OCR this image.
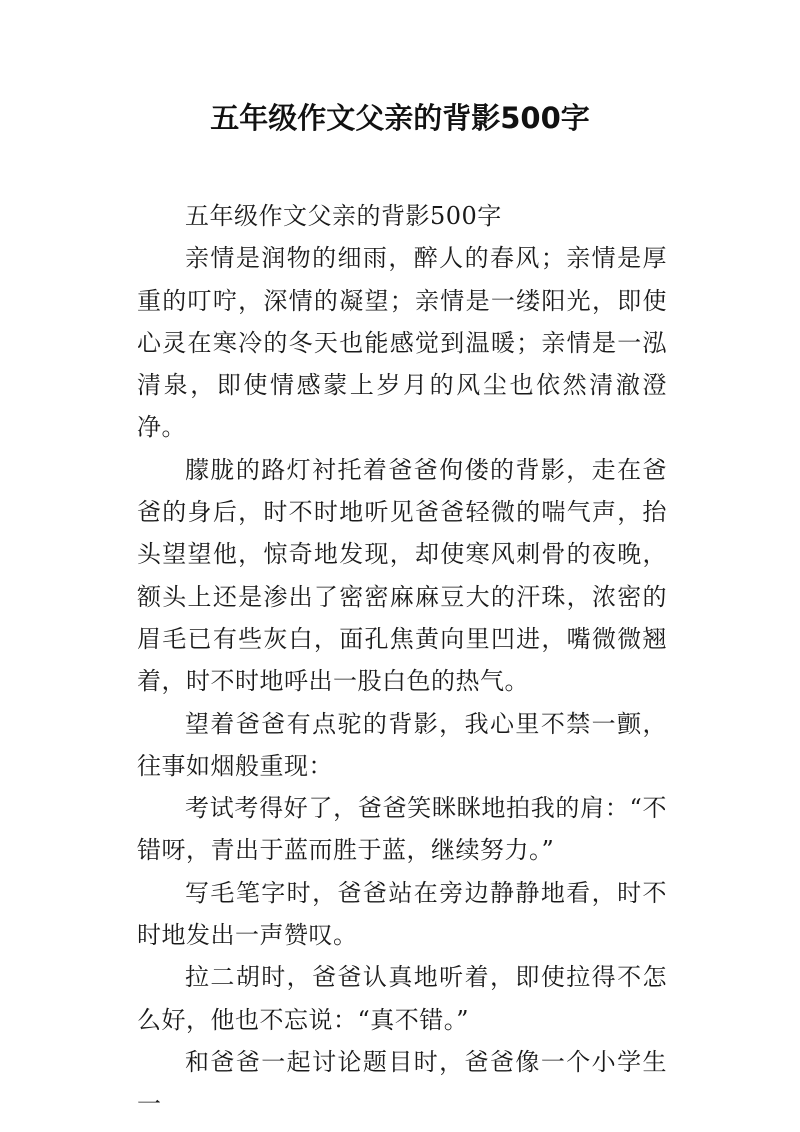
五年级作文父亲的背影500字

五年级作文父亲的背影500字

亲情是润物的细雨，醉人的春风；亲情是厚重的叮咛，深情的凝望；亲情是一缕阳光，即使心灵在寒冷的冬天也能感觉到温暖；亲情是一泓清泉，即使情感蒙上岁月的风尘也依然清澈澄净。

朦胧的路灯衬托着爸爸佝偻的背影，走在爸爸的身后，时不时地听见爸爸轻微的喘气声，抬头望望他，惊奇地发现，却使寒风刺骨的夜晚，额头上还是渗出了密密麻麻豆大的汗珠，浓密的眉毛已有些灰白，面孔焦黄向里凹进，嘴微微翘着，时不时地呼出一股白色的热气。

望着爸爸有点驼的背影，我心里不禁一颤，往事如烟般重现：

考试考得好了，爸爸笑眯眯地拍我的肩：“不错呀，青出于蓝而胜于蓝，继续努力。”

写毛笔字时，爸爸站在旁边静静地看，时不时地发出一声赞叹。

拉二胡时，爸爸认真地听着，即使拉得不怎么好，他也不忘说：“真不错。”

和爸爸一起讨论题目时，爸爸像一个小学生一
